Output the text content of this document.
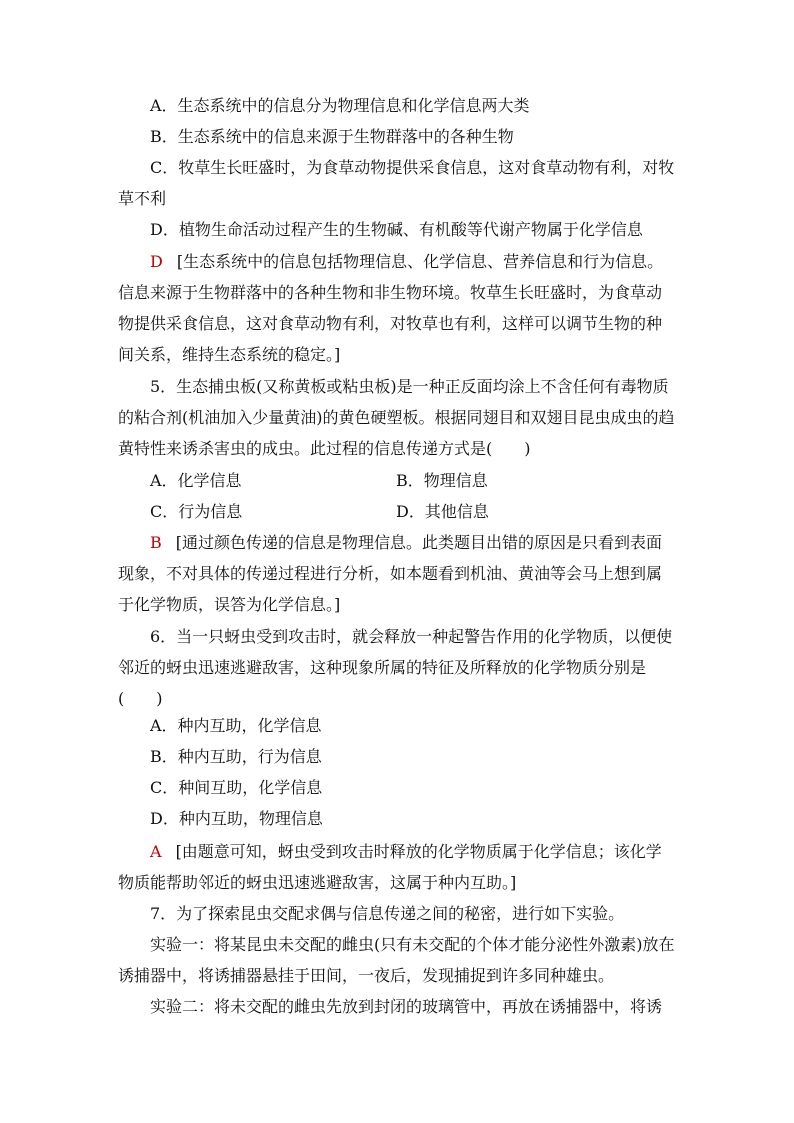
A．生态系统中的信息分为物理信息和化学信息两大类
B．生态系统中的信息来源于生物群落中的各种生物
C．牧草生长旺盛时，为食草动物提供采食信息，这对食草动物有利，对牧
草不利
D．植物生命活动过程产生的生物碱、有机酸等代谢产物属于化学信息
D [生态系统中的信息包括物理信息、化学信息、营养信息和行为信息。
信息来源于生物群落中的各种生物和非生物环境。牧草生长旺盛时，为食草动
物提供采食信息，这对食草动物有利，对牧草也有利，这样可以调节生物的种
间关系，维持生态系统的稳定。]
5．生态捕虫板(又称黄板或粘虫板)是一种正反面均涂上不含任何有毒物质
的粘合剂(机油加入少量黄油)的黄色硬塑板。根据同翅目和双翅目昆虫成虫的趋
黄特性来诱杀害虫的成虫。此过程的信息传递方式是(　　)
A．化学信息	B．物理信息
C．行为信息	D．其他信息
B [通过颜色传递的信息是物理信息。此类题目出错的原因是只看到表面
现象，不对具体的传递过程进行分析，如本题看到机油、黄油等会马上想到属
于化学物质，误答为化学信息。]
6．当一只蚜虫受到攻击时，就会释放一种起警告作用的化学物质，以便使
邻近的蚜虫迅速逃避敌害，这种现象所属的特征及所释放的化学物质分别是
(　　)
A．种内互助，化学信息
B．种内互助，行为信息
C．种间互助，化学信息
D．种内互助，物理信息
A [由题意可知，蚜虫受到攻击时释放的化学物质属于化学信息；该化学
物质能帮助邻近的蚜虫迅速逃避敌害，这属于种内互助。]
7．为了探索昆虫交配求偶与信息传递之间的秘密，进行如下实验。
实验一：将某昆虫未交配的雌虫(只有未交配的个体才能分泌性外激素)放在
诱捕器中，将诱捕器悬挂于田间，一夜后，发现捕捉到许多同种雄虫。
实验二：将未交配的雌虫先放到封闭的玻璃管中，再放在诱捕器中，将诱
